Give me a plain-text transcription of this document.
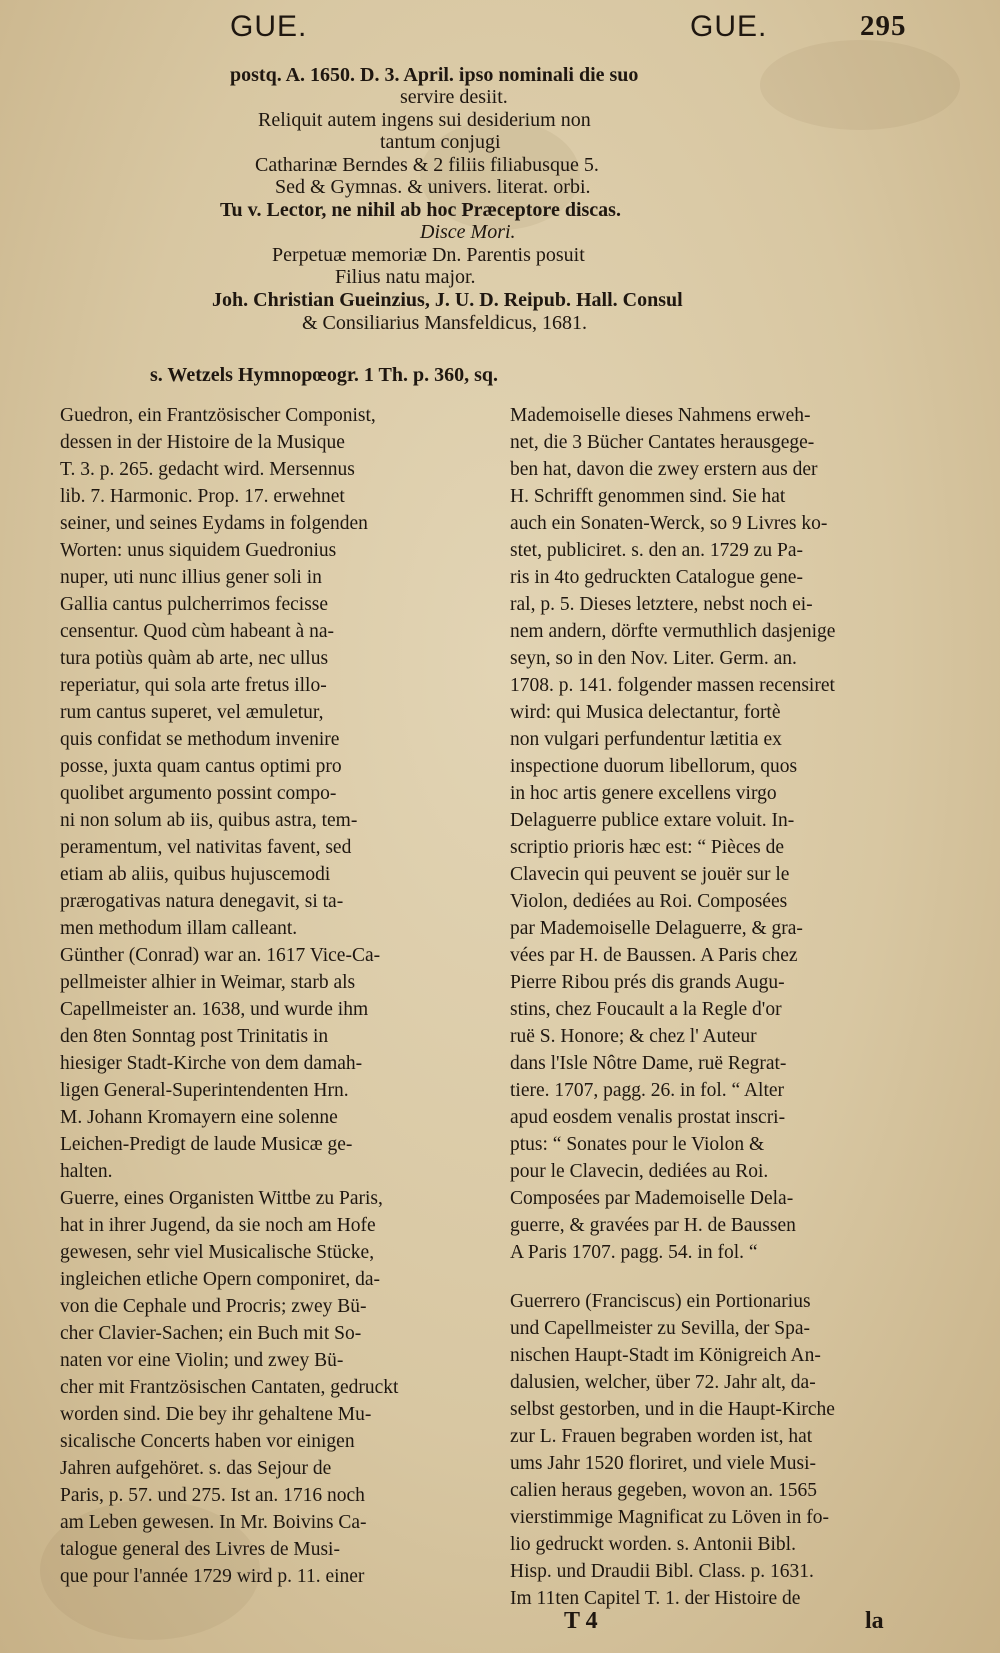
GUE.	GUE.	295
postq. A. 1650. D. 3. April. ipso nominali die suo
servire desiit.
Reliquit autem ingens sui desiderium non
tantum conjugi
Catharinæ Berndes & 2 filiis filiabusque 5.
Sed & Gymnas. & univers. literat. orbi.
Tu v. Lector, ne nihil ab hoc Præceptore discas.
Disce Mori.
Perpetuæ memoriæ Dn. Parentis posuit
Filius natu major.
Joh. Christian Gueinzius, J. U. D. Reipub. Hall. Consul
& Consiliarius Mansfeldicus, 1681.
s. Wetzels Hymnopœogr. 1 Th. p. 360, sq.
Guedron, ein Frantzösischer Componist,
dessen in der Histoire de la Musique
T. 3. p. 265. gedacht wird. Mersennus
lib. 7. Harmonic. Prop. 17. erwehnet
seiner, und seines Eydams in folgenden
Worten: unus siquidem Guedronius
nuper, uti nunc illius gener soli in
Gallia cantus pulcherrimos fecisse
censentur. Quod cùm habeant à na-
tura potiùs quàm ab arte, nec ullus
reperiatur, qui sola arte fretus illo-
rum cantus superet, vel æmuletur,
quis confidat se methodum invenire
posse, juxta quam cantus optimi pro
quolibet argumento possint compo-
ni non solum ab iis, quibus astra, tem-
peramentum, vel nativitas favent, sed
etiam ab aliis, quibus hujuscemodi
prærogativas natura denegavit, si ta-
men methodum illam calleant.
Günther (Conrad) war an. 1617 Vice-Ca-
pellmeister alhier in Weimar, starb als
Capellmeister an. 1638, und wurde ihm
den 8ten Sonntag post Trinitatis in
hiesiger Stadt-Kirche von dem damah-
ligen General-Superintendenten Hrn.
M. Johann Kromayern eine solenne
Leichen-Predigt de laude Musicæ ge-
halten.
Guerre, eines Organisten Wittbe zu Paris,
hat in ihrer Jugend, da sie noch am Hofe
gewesen, sehr viel Musicalische Stücke,
ingleichen etliche Opern componiret, da-
von die Cephale und Procris; zwey Bü-
cher Clavier-Sachen; ein Buch mit So-
naten vor eine Violin; und zwey Bü-
cher mit Frantzösischen Cantaten, gedruckt
worden sind. Die bey ihr gehaltene Mu-
sicalische Concerts haben vor einigen
Jahren aufgehöret. s. das Sejour de
Paris, p. 57. und 275. Ist an. 1716 noch
am Leben gewesen. In Mr. Boivins Ca-
talogue general des Livres de Musi-
que pour l'année 1729 wird p. 11. einer
Mademoiselle dieses Nahmens erweh-
net, die 3 Bücher Cantates herausgege-
ben hat, davon die zwey erstern aus der
H. Schrifft genommen sind. Sie hat
auch ein Sonaten-Werck, so 9 Livres ko-
stet, publiciret. s. den an. 1729 zu Pa-
ris in 4to gedruckten Catalogue gene-
ral, p. 5. Dieses letztere, nebst noch ei-
nem andern, dörfte vermuthlich dasjenige
seyn, so in den Nov. Liter. Germ. an.
1708. p. 141. folgender massen recensiret
wird: qui Musica delectantur, fortè
non vulgari perfundentur lætitia ex
inspectione duorum libellorum, quos
in hoc artis genere excellens virgo
Delaguerre publice extare voluit. In-
scriptio prioris hæc est: “ Pièces de
Clavecin qui peuvent se jouër sur le
Violon, dediées au Roi. Composées
par Mademoiselle Delaguerre, & gra-
vées par H. de Baussen. A Paris chez
Pierre Ribou prés dis grands Augu-
stins, chez Foucault a la Regle d'or
ruë S. Honore; & chez l' Auteur
dans l'Isle Nôtre Dame, ruë Regrat-
tiere. 1707, pagg. 26. in fol. “ Alter
apud eosdem venalis prostat inscri-
ptus: “ Sonates pour le Violon &
pour le Clavecin, dediées au Roi.
Composées par Mademoiselle Dela-
guerre, & gravées par H. de Baussen
A Paris 1707. pagg. 54. in fol. “
Guerrero (Franciscus) ein Portionarius
und Capellmeister zu Sevilla, der Spa-
nischen Haupt-Stadt im Königreich An-
dalusien, welcher, über 72. Jahr alt, da-
selbst gestorben, und in die Haupt-Kirche
zur L. Frauen begraben worden ist, hat
ums Jahr 1520 floriret, und viele Musi-
calien heraus gegeben, wovon an. 1565
vierstimmige Magnificat zu Löven in fo-
lio gedruckt worden. s. Antonii Bibl.
Hisp. und Draudii Bibl. Class. p. 1631.
Im 11ten Capitel T. 1. der Histoire de
T 4	la
